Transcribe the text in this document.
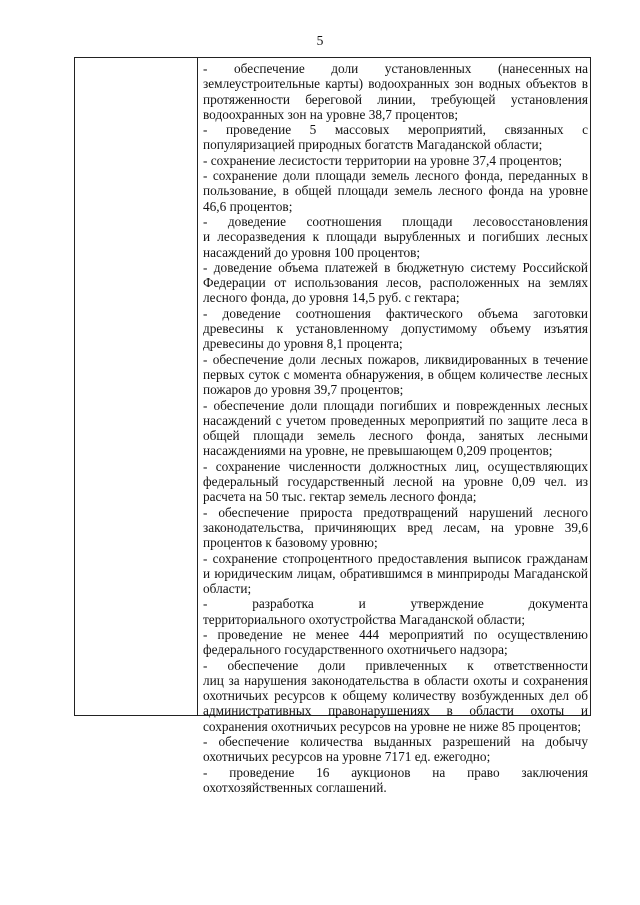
5

-      обеспечение      доли      установленных      (нанесенных на землеустроительные карты) водоохранных зон водных объектов в протяженности береговой линии, требующей установления водоохранных зон на уровне 38,7 процентов;

- проведение 5 массовых мероприятий, связанных с популяризацией природных богатств Магаданской области;

- сохранение лесистости территории на уровне 37,4 процентов;

- сохранение доли площади земель лесного фонда, переданных в пользование, в общей площади земель лесного фонда на уровне 46,6 процентов;

-      доведение      соотношения      площади      лесовосстановления и лесоразведения к площади вырубленных и погибших лесных насаждений до уровня 100 процентов;

- доведение объема платежей в бюджетную систему Российской Федерации от использования лесов, расположенных на землях лесного фонда, до уровня 14,5 руб. с гектара;

- доведение соотношения фактического объема заготовки древесины к установленному допустимому объему изъятия древесины до уровня 8,1 процента;

- обеспечение доли лесных пожаров, ликвидированных в течение первых суток с момента обнаружения, в общем количестве лесных пожаров до уровня 39,7 процентов;

- обеспечение доли площади погибших и поврежденных лесных насаждений с учетом проведенных мероприятий по защите леса в общей площади земель лесного фонда, занятых лесными насаждениями на уровне, не превышающем 0,209 процентов;

- сохранение численности должностных лиц, осуществляющих федеральный государственный лесной на уровне 0,09 чел. из расчета на 50 тыс. гектар земель лесного фонда;

- обеспечение прироста предотвращений нарушений лесного законодательства, причиняющих вред лесам, на уровне 39,6 процентов к базовому уровню;

- сохранение стопроцентного предоставления выписок гражданам и юридическим лицам, обратившимся в минприроды Магаданской области;

-      разработка      и      утверждение      документа      территориального охотустройства Магаданской области;

- проведение не менее 444 мероприятий по осуществлению федерального государственного охотничьего надзора;

-      обеспечение      доли      привлеченных      к      ответственности      лиц за нарушения законодательства в области охоты и сохранения охотничьих ресурсов к общему количеству возбужденных дел об административных правонарушениях в области охоты и сохранения охотничьих ресурсов на уровне не ниже 85 процентов;

- обеспечение количества выданных разрешений на добычу охотничьих ресурсов на уровне 7171 ед. ежегодно;

- проведение 16 аукционов на право заключения охотхозяйственных соглашений.
